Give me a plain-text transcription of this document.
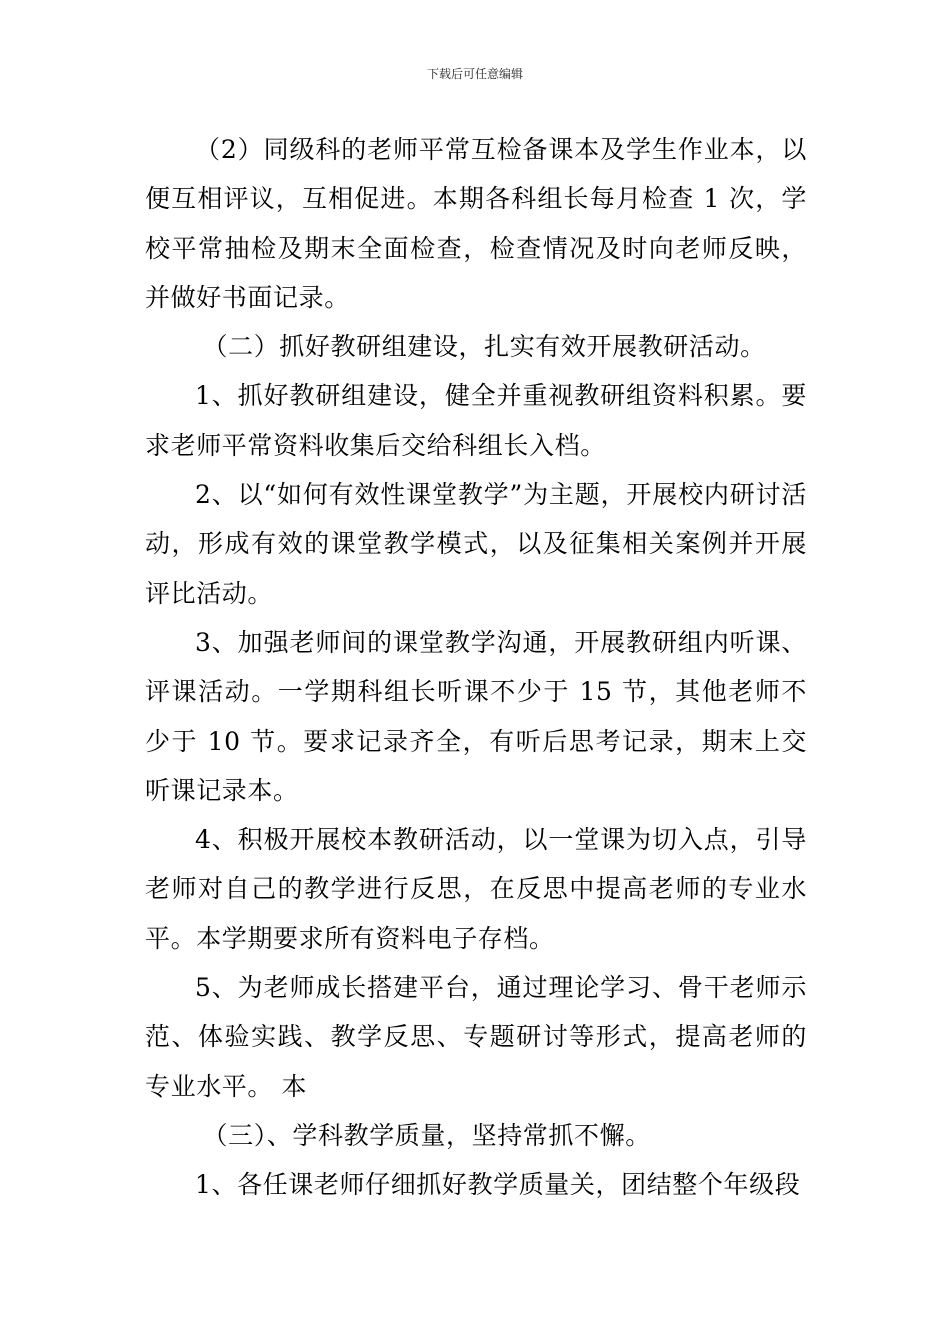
下载后可任意编辑

（2）同级科的老师平常互检备课本及学生作业本，以便互相评议，互相促进。本期各科组长每月检查 1 次，学校平常抽检及期末全面检查，检查情况及时向老师反映，并做好书面记录。

（二）抓好教研组建设，扎实有效开展教研活动。

1、抓好教研组建设，健全并重视教研组资料积累。要求老师平常资料收集后交给科组长入档。

2、以“如何有效性课堂教学”为主题，开展校内研讨活动，形成有效的课堂教学模式，以及征集相关案例并开展评比活动。

3、加强老师间的课堂教学沟通，开展教研组内听课、评课活动。一学期科组长听课不少于 15 节，其他老师不少于 10 节。要求记录齐全，有听后思考记录，期末上交听课记录本。

4、积极开展校本教研活动，以一堂课为切入点，引导老师对自己的教学进行反思，在反思中提高老师的专业水平。本学期要求所有资料电子存档。

5、为老师成长搭建平台，通过理论学习、骨干老师示范、体验实践、教学反思、专题研讨等形式，提高老师的专业水平。 本

（三）、学科教学质量，坚持常抓不懈。

1、各任课老师仔细抓好教学质量关，团结整个年级段
